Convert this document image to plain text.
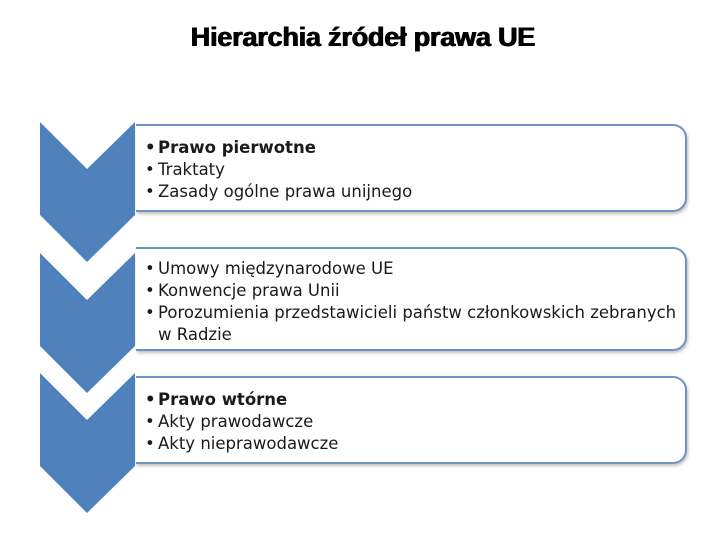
Hierarchia źródeł prawa UE
• Prawo pierwotne
• Traktaty
• Zasady ogólne prawa unijnego
• Umowy międzynarodowe UE
• Konwencje prawa Unii
• Porozumienia przedstawicieli państw członkowskich zebranych w Radzie
• Prawo wtórne
• Akty prawodawcze
• Akty nieprawodawcze
